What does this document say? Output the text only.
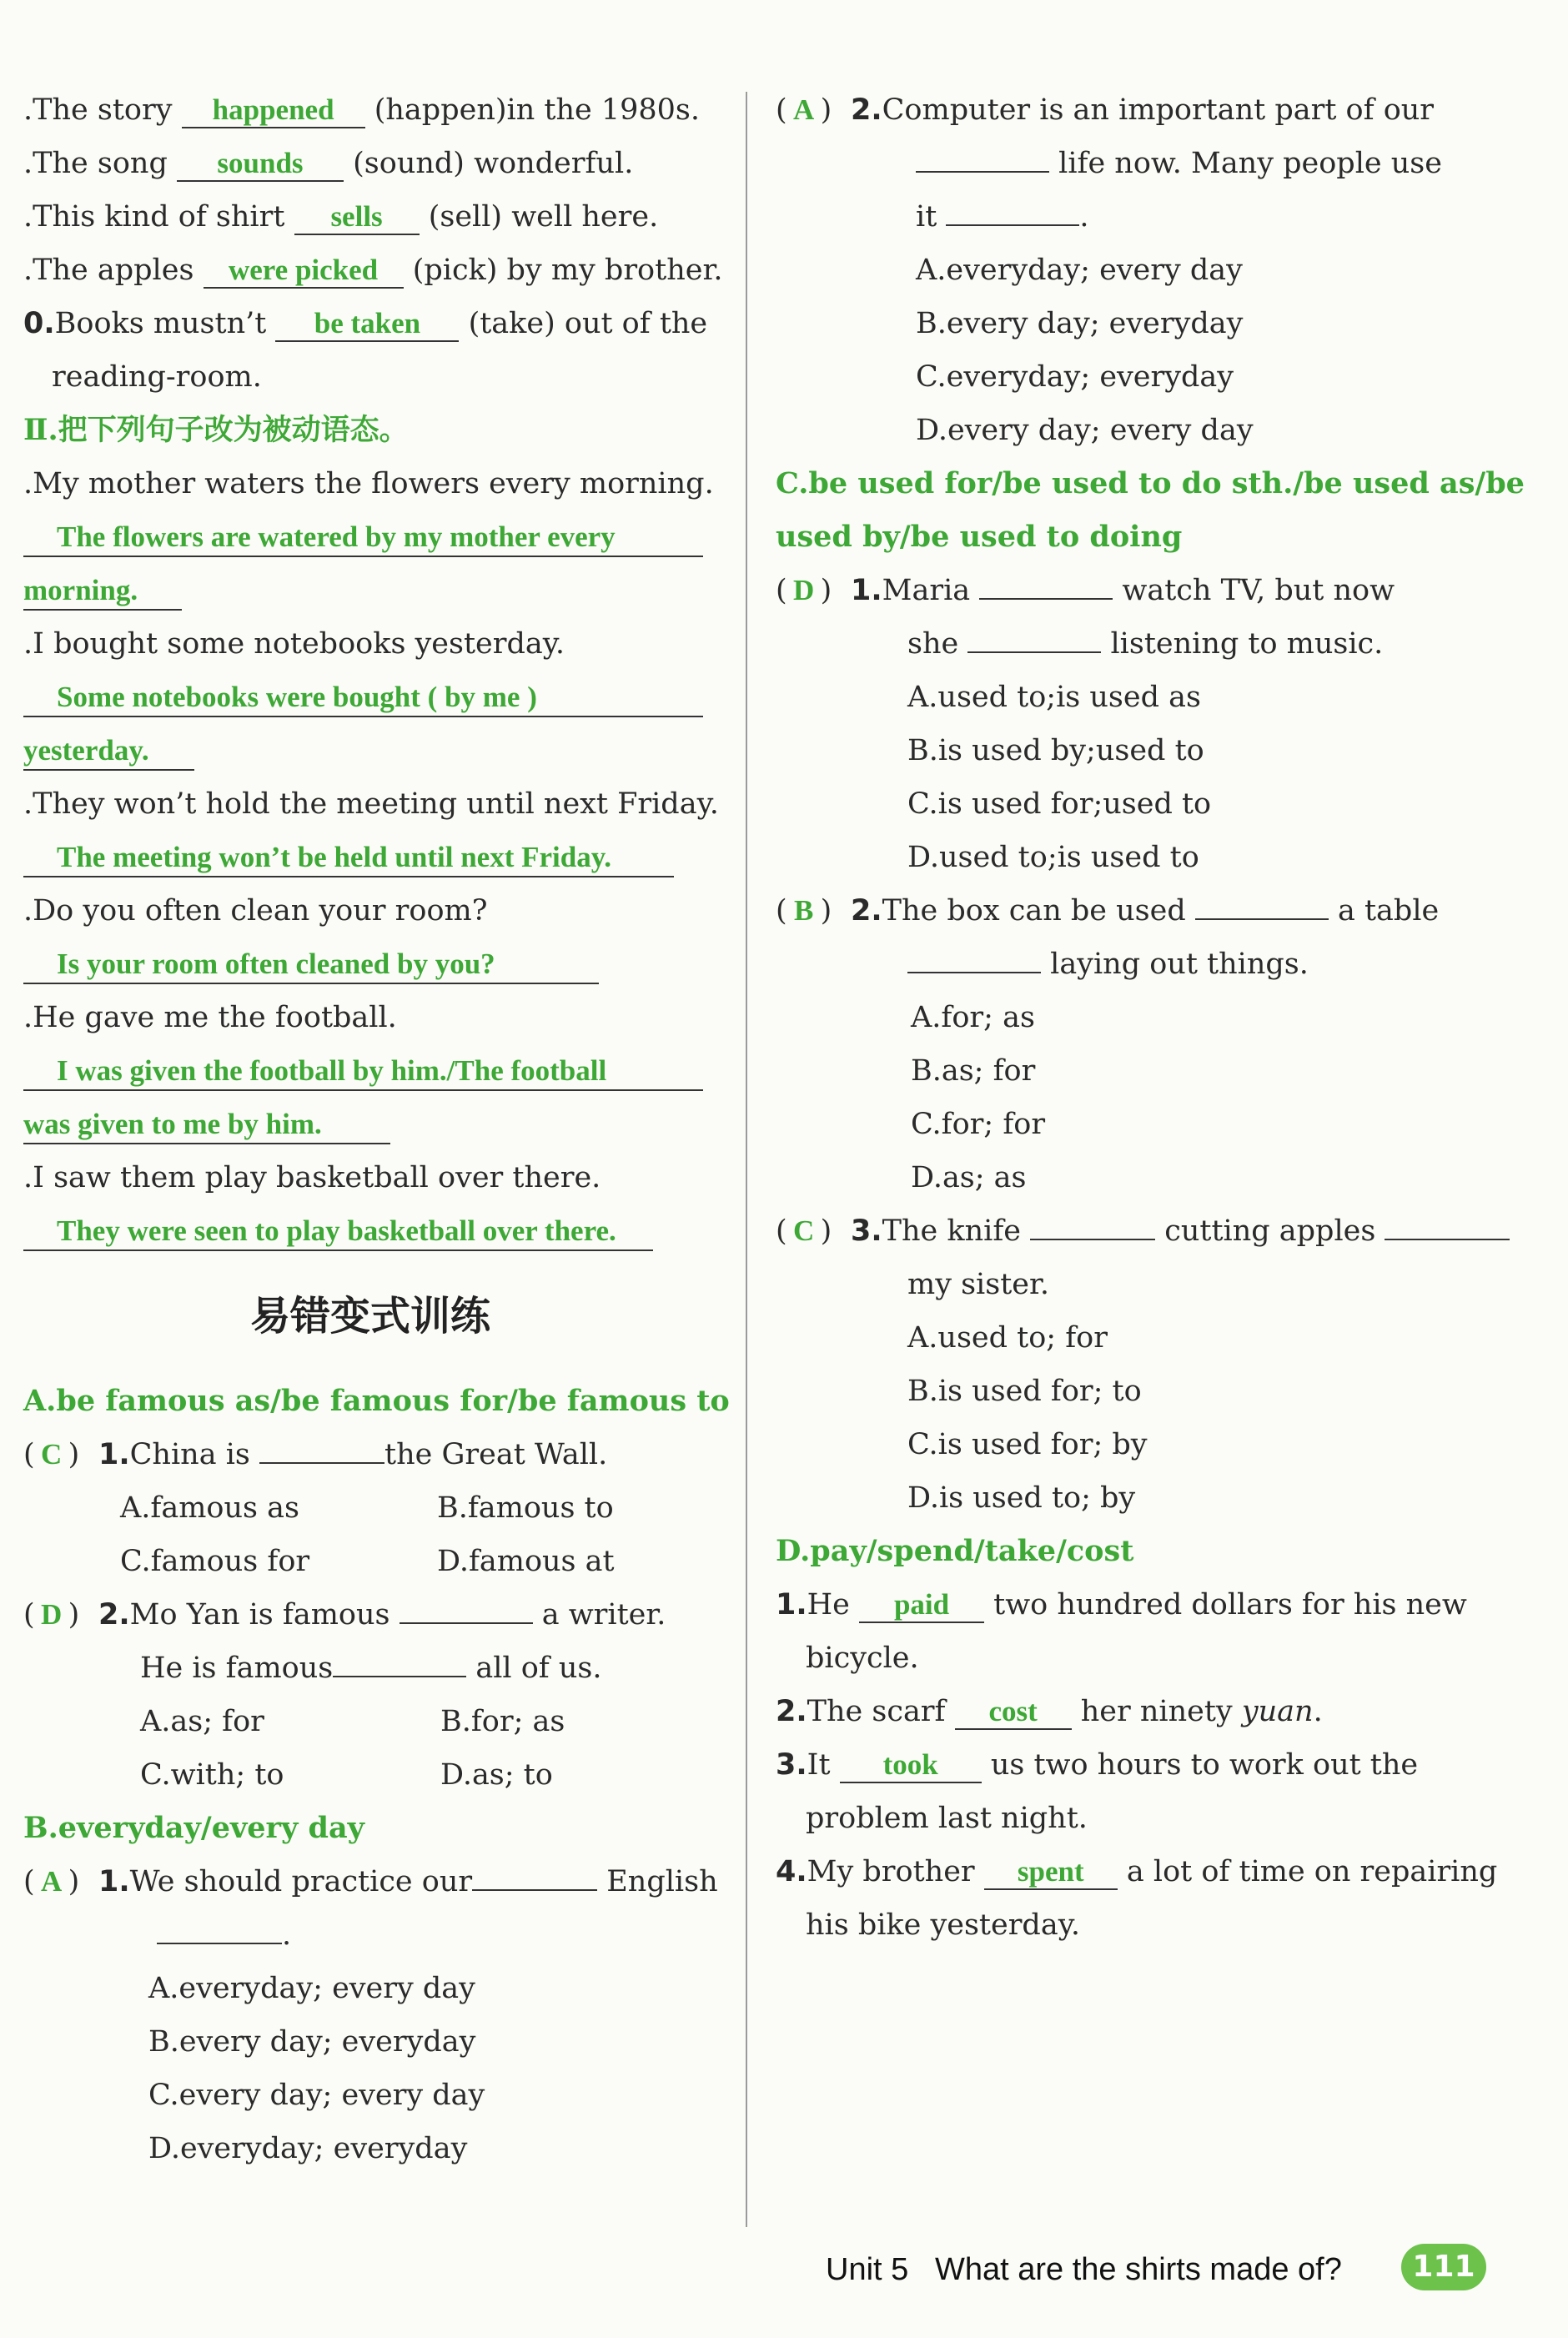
.The story happened (happen)in the 1980s.
.The song sounds (sound) wonderful.
.This kind of shirt sells (sell) well here.
.The apples were picked (pick) by my brother.
0.Books mustn’t be taken (take) out of the
reading-room.
Ⅱ.把下列句子改为被动语态。
.My mother waters the flowers every morning.
The flowers are watered by my mother every
morning.
.I bought some notebooks yesterday.
Some notebooks were bought ( by me )
yesterday.
.They won’t hold the meeting until next Friday.
The meeting won’t be held until next Friday.
.Do you often clean your room?
Is your room often cleaned by you?
.He gave me the football.
I was given the football by him./The football
was given to me by him.
.I saw them play basketball over there.
They were seen to play basketball over there.
易错变式训练
A.be famous as/be famous for/be famous to
( C ) 1.China is	the Great Wall.
A.famous as	B.famous to
C.famous for	D.famous at
( D ) 2.Mo Yan is famous	a writer.
He is famous	all of us.
A.as; for	B.for; as
C.with; to	D.as; to
B.everyday/every day
( A ) 1.We should practice our	English
.
A.everyday; every day
B.every day; everyday
C.every day; every day
D.everyday; everyday
( A ) 2.Computer is an important part of our
life now. Many people use
it	.
A.everyday; every day
B.every day; everyday
C.everyday; everyday
D.every day; every day
C.be used for/be used to do sth./be used as/be
used by/be used to doing
( D ) 1.Maria	watch TV, but now
she	listening to music.
A.used to;is used as
B.is used by;used to
C.is used for;used to
D.used to;is used to
( B ) 2.The box can be used	a table
laying out things.
A.for; as
B.as; for
C.for; for
D.as; as
( C ) 3.The knife	cutting apples
my sister.
A.used to; for
B.is used for; to
C.is used for; by
D.is used to; by
D.pay/spend/take/cost
1.He paid two hundred dollars for his new
bicycle.
2.The scarf cost her ninety yuan.
3.It took us two hours to work out the
problem last night.
4.My brother spent a lot of time on repairing
his bike yesterday.
Unit 5 What are the shirts made of?	111
